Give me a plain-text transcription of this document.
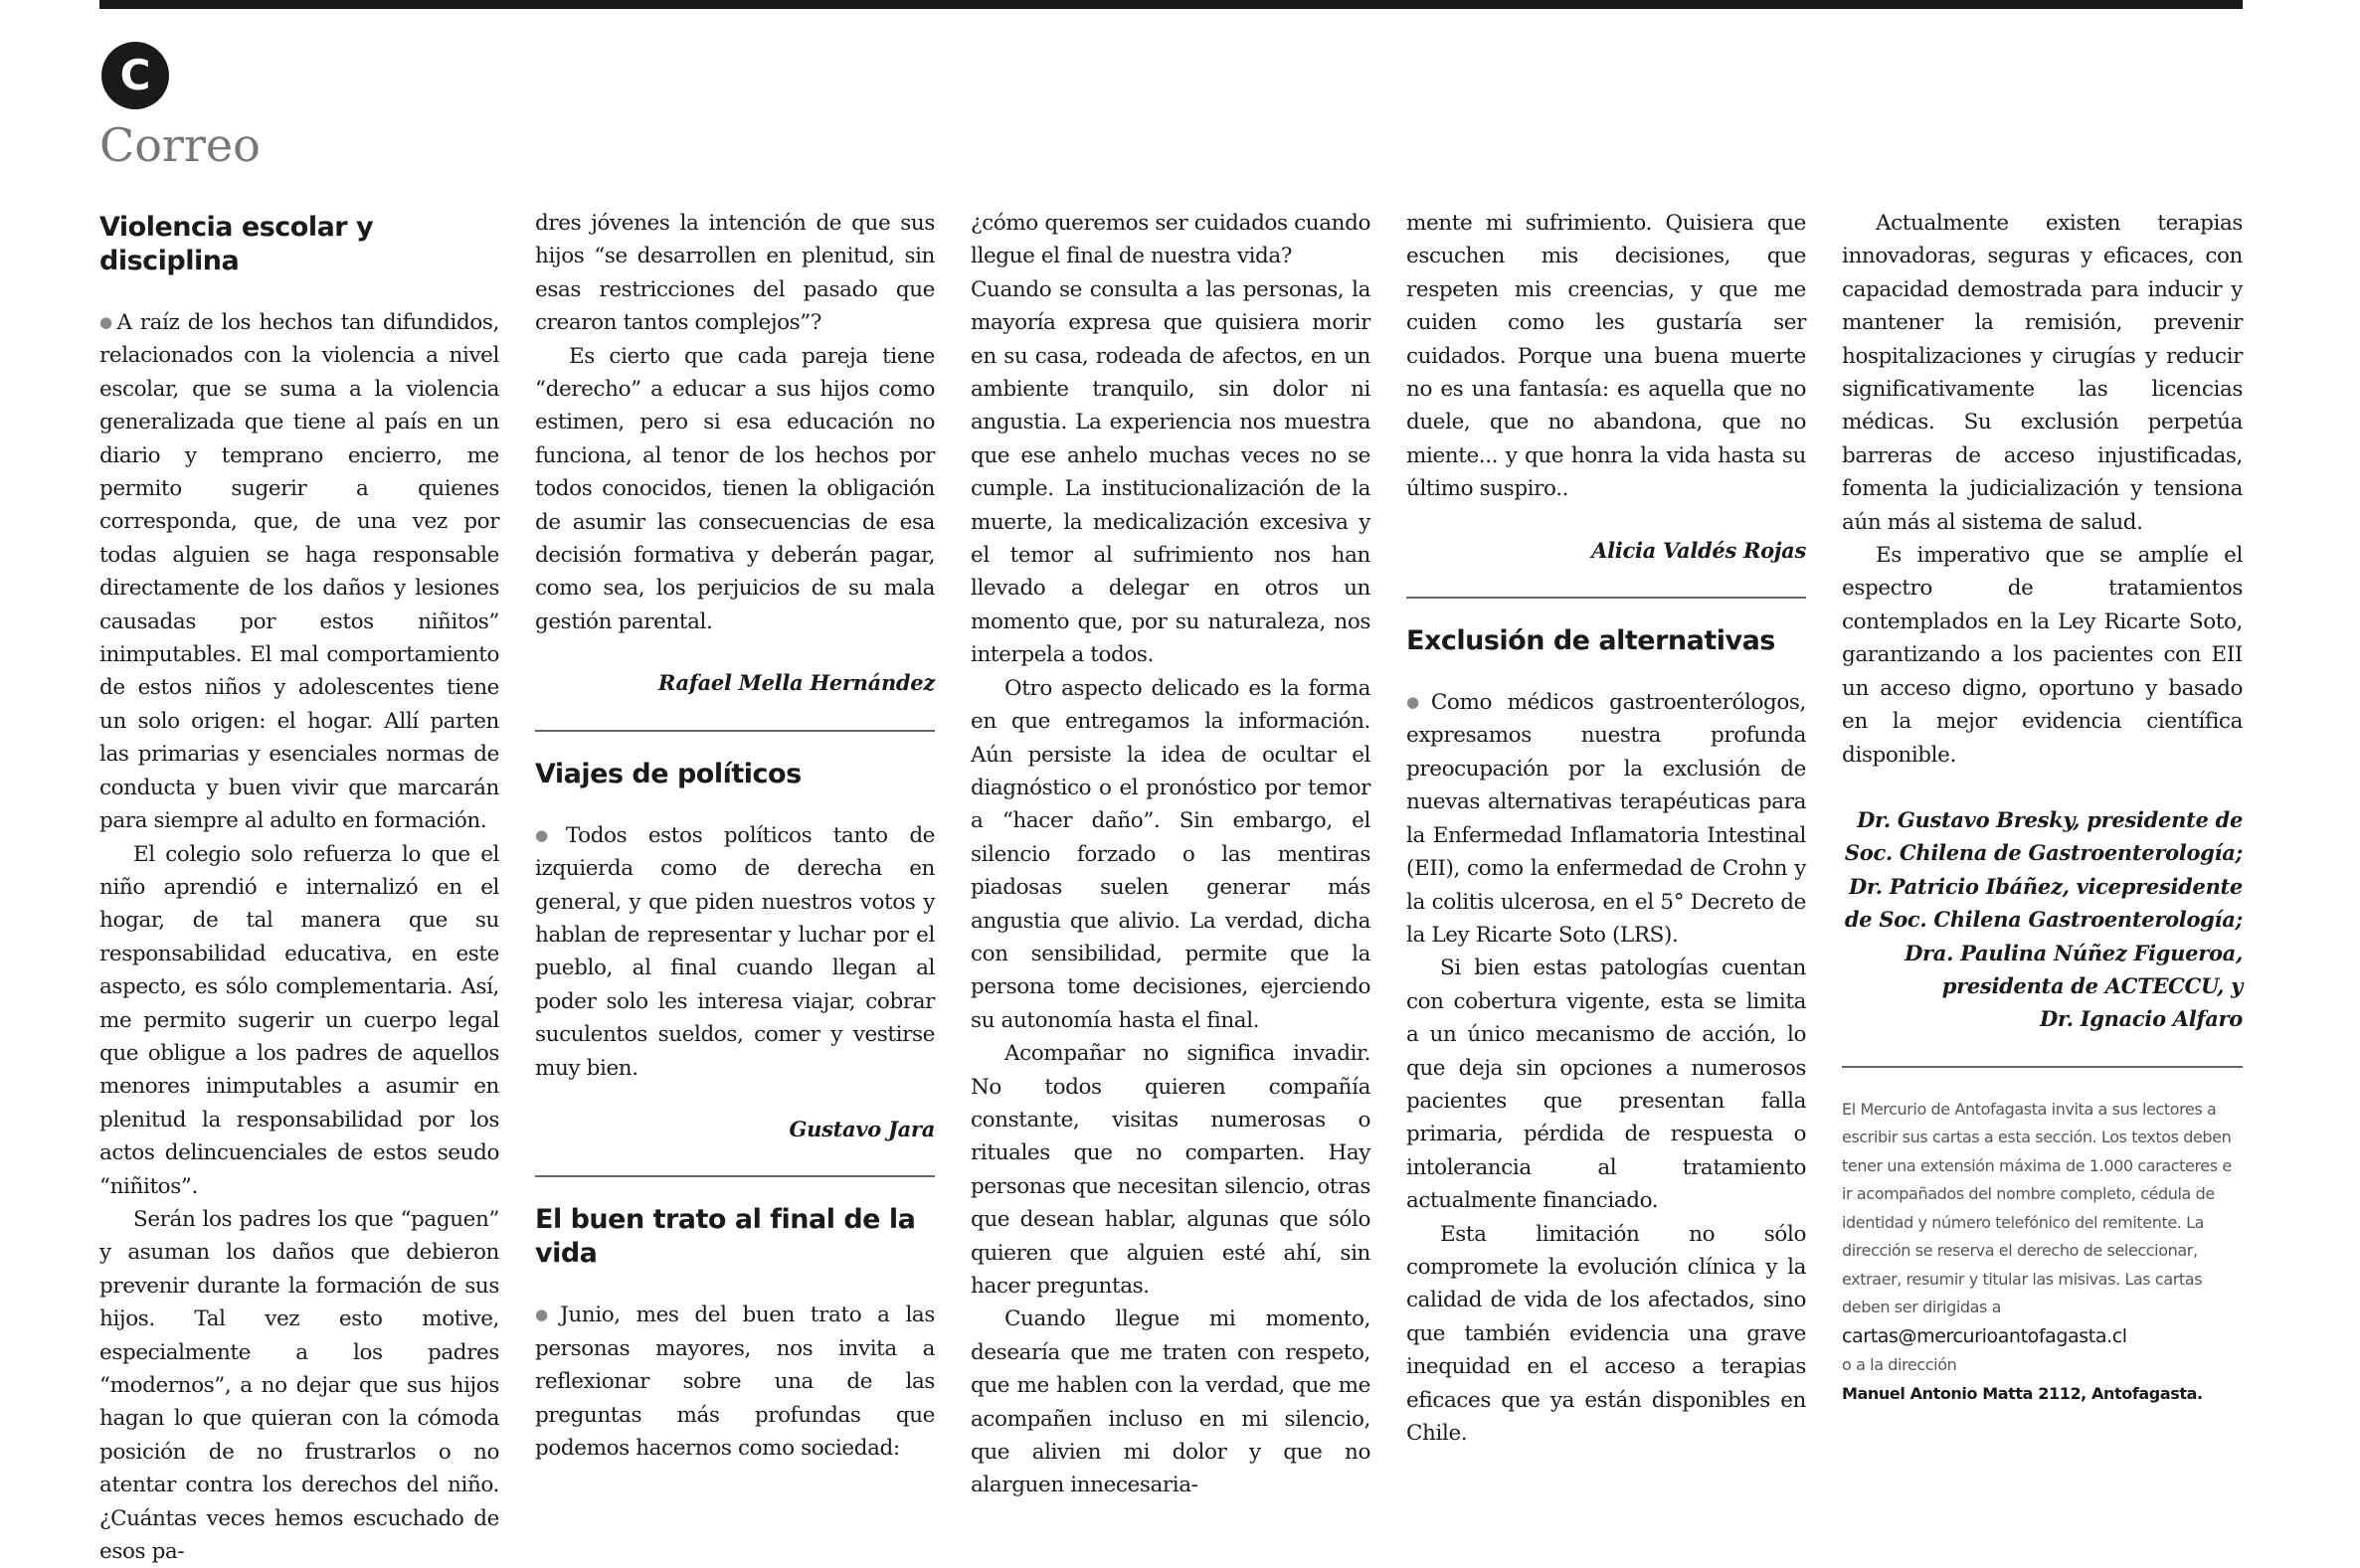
C
Correo
Violencia escolar y disciplina

● A raíz de los hechos tan difundidos, relacionados con la violencia a nivel escolar, que se suma a la violencia generalizada que tiene al país en un diario y temprano encierro, me permito sugerir a quienes corresponda, que, de una vez por todas alguien se haga responsable directamente de los daños y lesiones causadas por estos niñitos” inimputables. El mal comportamiento de estos niños y adolescentes tiene un solo origen: el hogar. Allí parten las primarias y esenciales normas de conducta y buen vivir que marcarán para siempre al adulto en formación.

El colegio solo refuerza lo que el niño aprendió e internalizó en el hogar, de tal manera que su responsabilidad educativa, en este aspecto, es sólo complementaria. Así, me permito sugerir un cuerpo legal que obligue a los padres de aquellos menores inimputables a asumir en plenitud la responsabilidad por los actos delincuenciales de estos seudo “niñitos”.

Serán los padres los que “paguen” y asuman los daños que debieron prevenir durante la formación de sus hijos. Tal vez esto motive, especialmente a los padres “modernos”, a no dejar que sus hijos hagan lo que quieran con la cómoda posición de no frustrarlos o no atentar contra los derechos del niño. ¿Cuántas veces hemos escuchado de esos pa-

dres jóvenes la intención de que sus hijos “se desarrollen en plenitud, sin esas restricciones del pasado que crearon tantos complejos”?

Es cierto que cada pareja tiene “derecho” a educar a sus hijos como estimen, pero si esa educación no funciona, al tenor de los hechos por todos conocidos, tienen la obligación de asumir las consecuencias de esa decisión formativa y deberán pagar, como sea, los perjuicios de su mala gestión parental.

Rafael Mella Hernández
Viajes de políticos

● Todos estos políticos tanto de izquierda como de derecha en general, y que piden nuestros votos y hablan de representar y luchar por el pueblo, al final cuando llegan al poder solo les interesa viajar, cobrar suculentos sueldos, comer y vestirse muy bien.

Gustavo Jara
El buen trato al final de la vida

● Junio, mes del buen trato a las personas mayores, nos invita a reflexionar sobre una de las preguntas más profundas que podemos hacernos como sociedad:

¿cómo queremos ser cuidados cuando llegue el final de nuestra vida?

Cuando se consulta a las personas, la mayoría expresa que quisiera morir en su casa, rodeada de afectos, en un ambiente tranquilo, sin dolor ni angustia. La experiencia nos muestra que ese anhelo muchas veces no se cumple. La institucionalización de la muerte, la medicalización excesiva y el temor al sufrimiento nos han llevado a delegar en otros un momento que, por su naturaleza, nos interpela a todos.

Otro aspecto delicado es la forma en que entregamos la información. Aún persiste la idea de ocultar el diagnóstico o el pronóstico por temor a “hacer daño”. Sin embargo, el silencio forzado o las mentiras piadosas suelen generar más angustia que alivio. La verdad, dicha con sensibilidad, permite que la persona tome decisiones, ejerciendo su autonomía hasta el final.

Acompañar no significa invadir. No todos quieren compañía constante, visitas numerosas o rituales que no comparten. Hay personas que necesitan silencio, otras que desean hablar, algunas que sólo quieren que alguien esté ahí, sin hacer preguntas.

Cuando llegue mi momento, desearía que me traten con respeto, que me hablen con la verdad, que me acompañen incluso en mi silencio, que alivien mi dolor y que no alarguen innecesaria-

mente mi sufrimiento. Quisiera que escuchen mis decisiones, que respeten mis creencias, y que me cuiden como les gustaría ser cuidados. Porque una buena muerte no es una fantasía: es aquella que no duele, que no abandona, que no miente... y que honra la vida hasta su último suspiro..

Alicia Valdés Rojas
Exclusión de alternativas

● Como médicos gastroenterólogos, expresamos nuestra profunda preocupación por la exclusión de nuevas alternativas terapéuticas para la Enfermedad Inflamatoria Intestinal (EII), como la enfermedad de Crohn y la colitis ulcerosa, en el 5° Decreto de la Ley Ricarte Soto (LRS).

Si bien estas patologías cuentan con cobertura vigente, esta se limita a un único mecanismo de acción, lo que deja sin opciones a numerosos pacientes que presentan falla primaria, pérdida de respuesta o intolerancia al tratamiento actualmente financiado.

Esta limitación no sólo compromete la evolución clínica y la calidad de vida de los afectados, sino que también evidencia una grave inequidad en el acceso a terapias eficaces que ya están disponibles en Chile.

Actualmente existen terapias innovadoras, seguras y eficaces, con capacidad demostrada para inducir y mantener la remisión, prevenir hospitalizaciones y cirugías y reducir significativamente las licencias médicas. Su exclusión perpetúa barreras de acceso injustificadas, fomenta la judicialización y tensiona aún más al sistema de salud.

Es imperativo que se amplíe el espectro de tratamientos contemplados en la Ley Ricarte Soto, garantizando a los pacientes con EII un acceso digno, oportuno y basado en la mejor evidencia científica disponible.

Dr. Gustavo Bresky, presidente de
Soc. Chilena de Gastroenterología;
Dr. Patricio Ibáñez, vicepresidente
de Soc. Chilena Gastroenterología;
Dra. Paulina Núñez Figueroa,
presidenta de ACTECCU, y
Dr. Ignacio Alfaro
El Mercurio de Antofagasta invita a sus lectores a escribir sus cartas a esta sección. Los textos deben tener una extensión máxima de 1.000 caracteres e ir acompañados del nombre completo, cédula de identidad y número telefónico del remitente. La dirección se reserva el derecho de seleccionar, extraer, resumir y titular las misivas. Las cartas deben ser dirigidas a
cartas@mercurioantofagasta.cl
o a la dirección
Manuel Antonio Matta 2112, Antofagasta.
